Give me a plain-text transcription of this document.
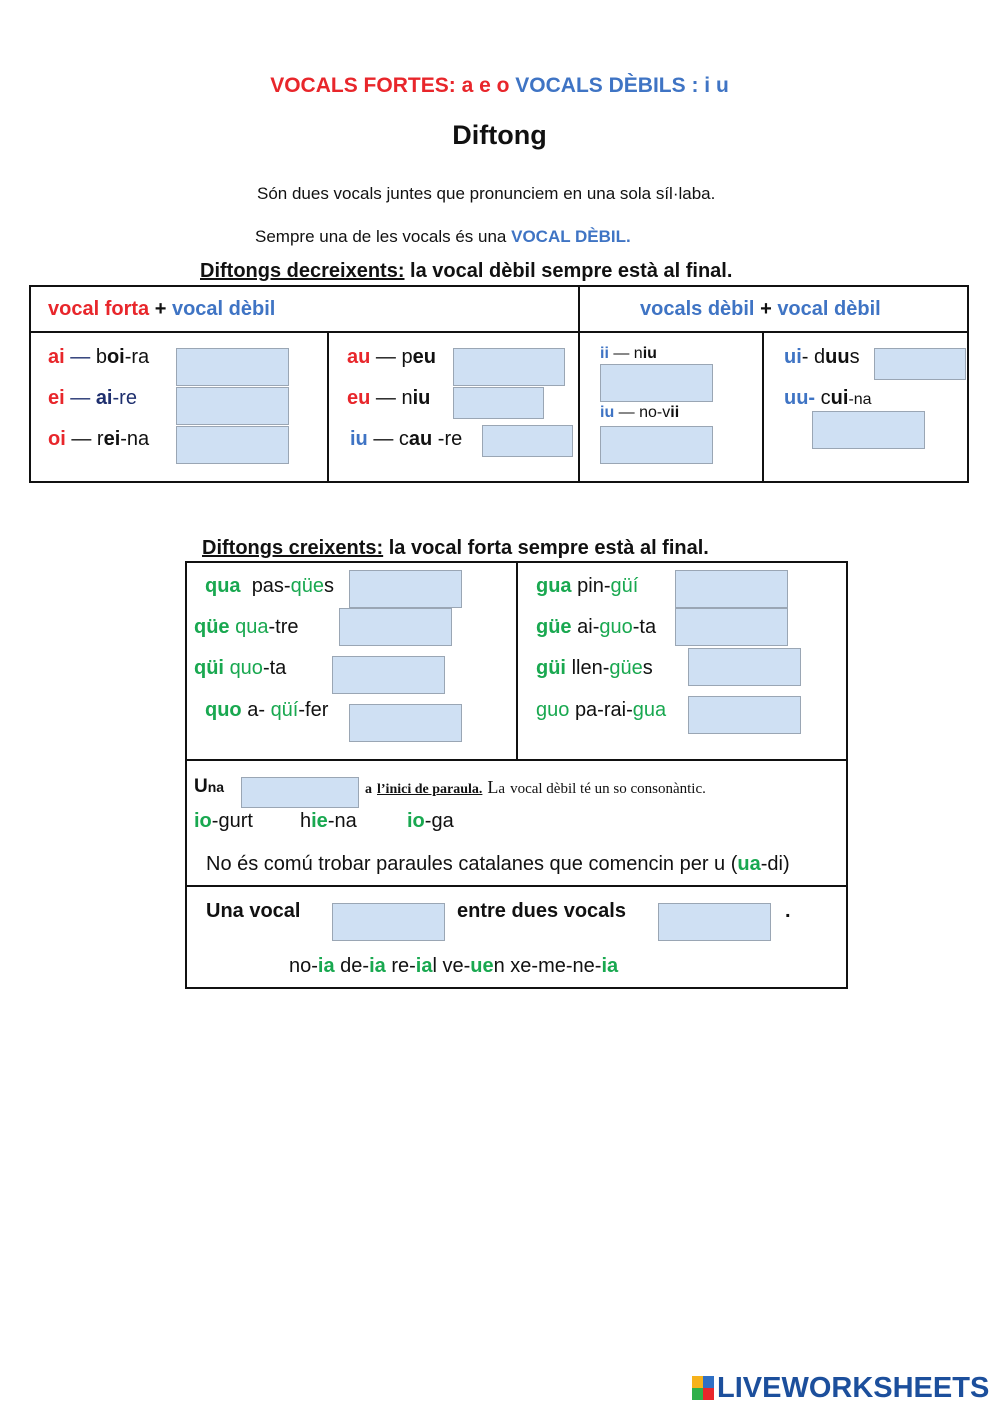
VOCALS FORTES: a e o VOCALS DÈBILS : i u
Diftong
Són dues vocals juntes que pronunciem en una sola síl·laba.
Sempre una de les vocals és una VOCAL DÈBIL.
Diftongs decreixents: la vocal dèbil sempre està al final.
vocal forta + vocal dèbil	vocals dèbil + vocal dèbil
ai — boi-ra
ei — ai-re
oi — rei-na
au — peu
eu — niu
iu — cau -re
ii — niu
iu — no-vii
ui- duus
uu- cui-na
Diftongs creixents: la vocal forta sempre està al final.
qua pas-qües
qüe qua-tre
qüi quo-ta
quo a- qüí-fer
gua pin-güí
güe ai-guo-ta
güi llen-gües
guo pa-rai-gua
Una	a l’inici de paraula. La vocal dèbil té un so consonàntic.
io-gurt hie-na	io-ga
No és comú trobar paraules catalanes que comencin per u (ua-di)
Una vocal	entre dues vocals	.
no-ia de-ia re-ial ve-uen xe-me-ne-ia
LIVEWORKSHEETS
